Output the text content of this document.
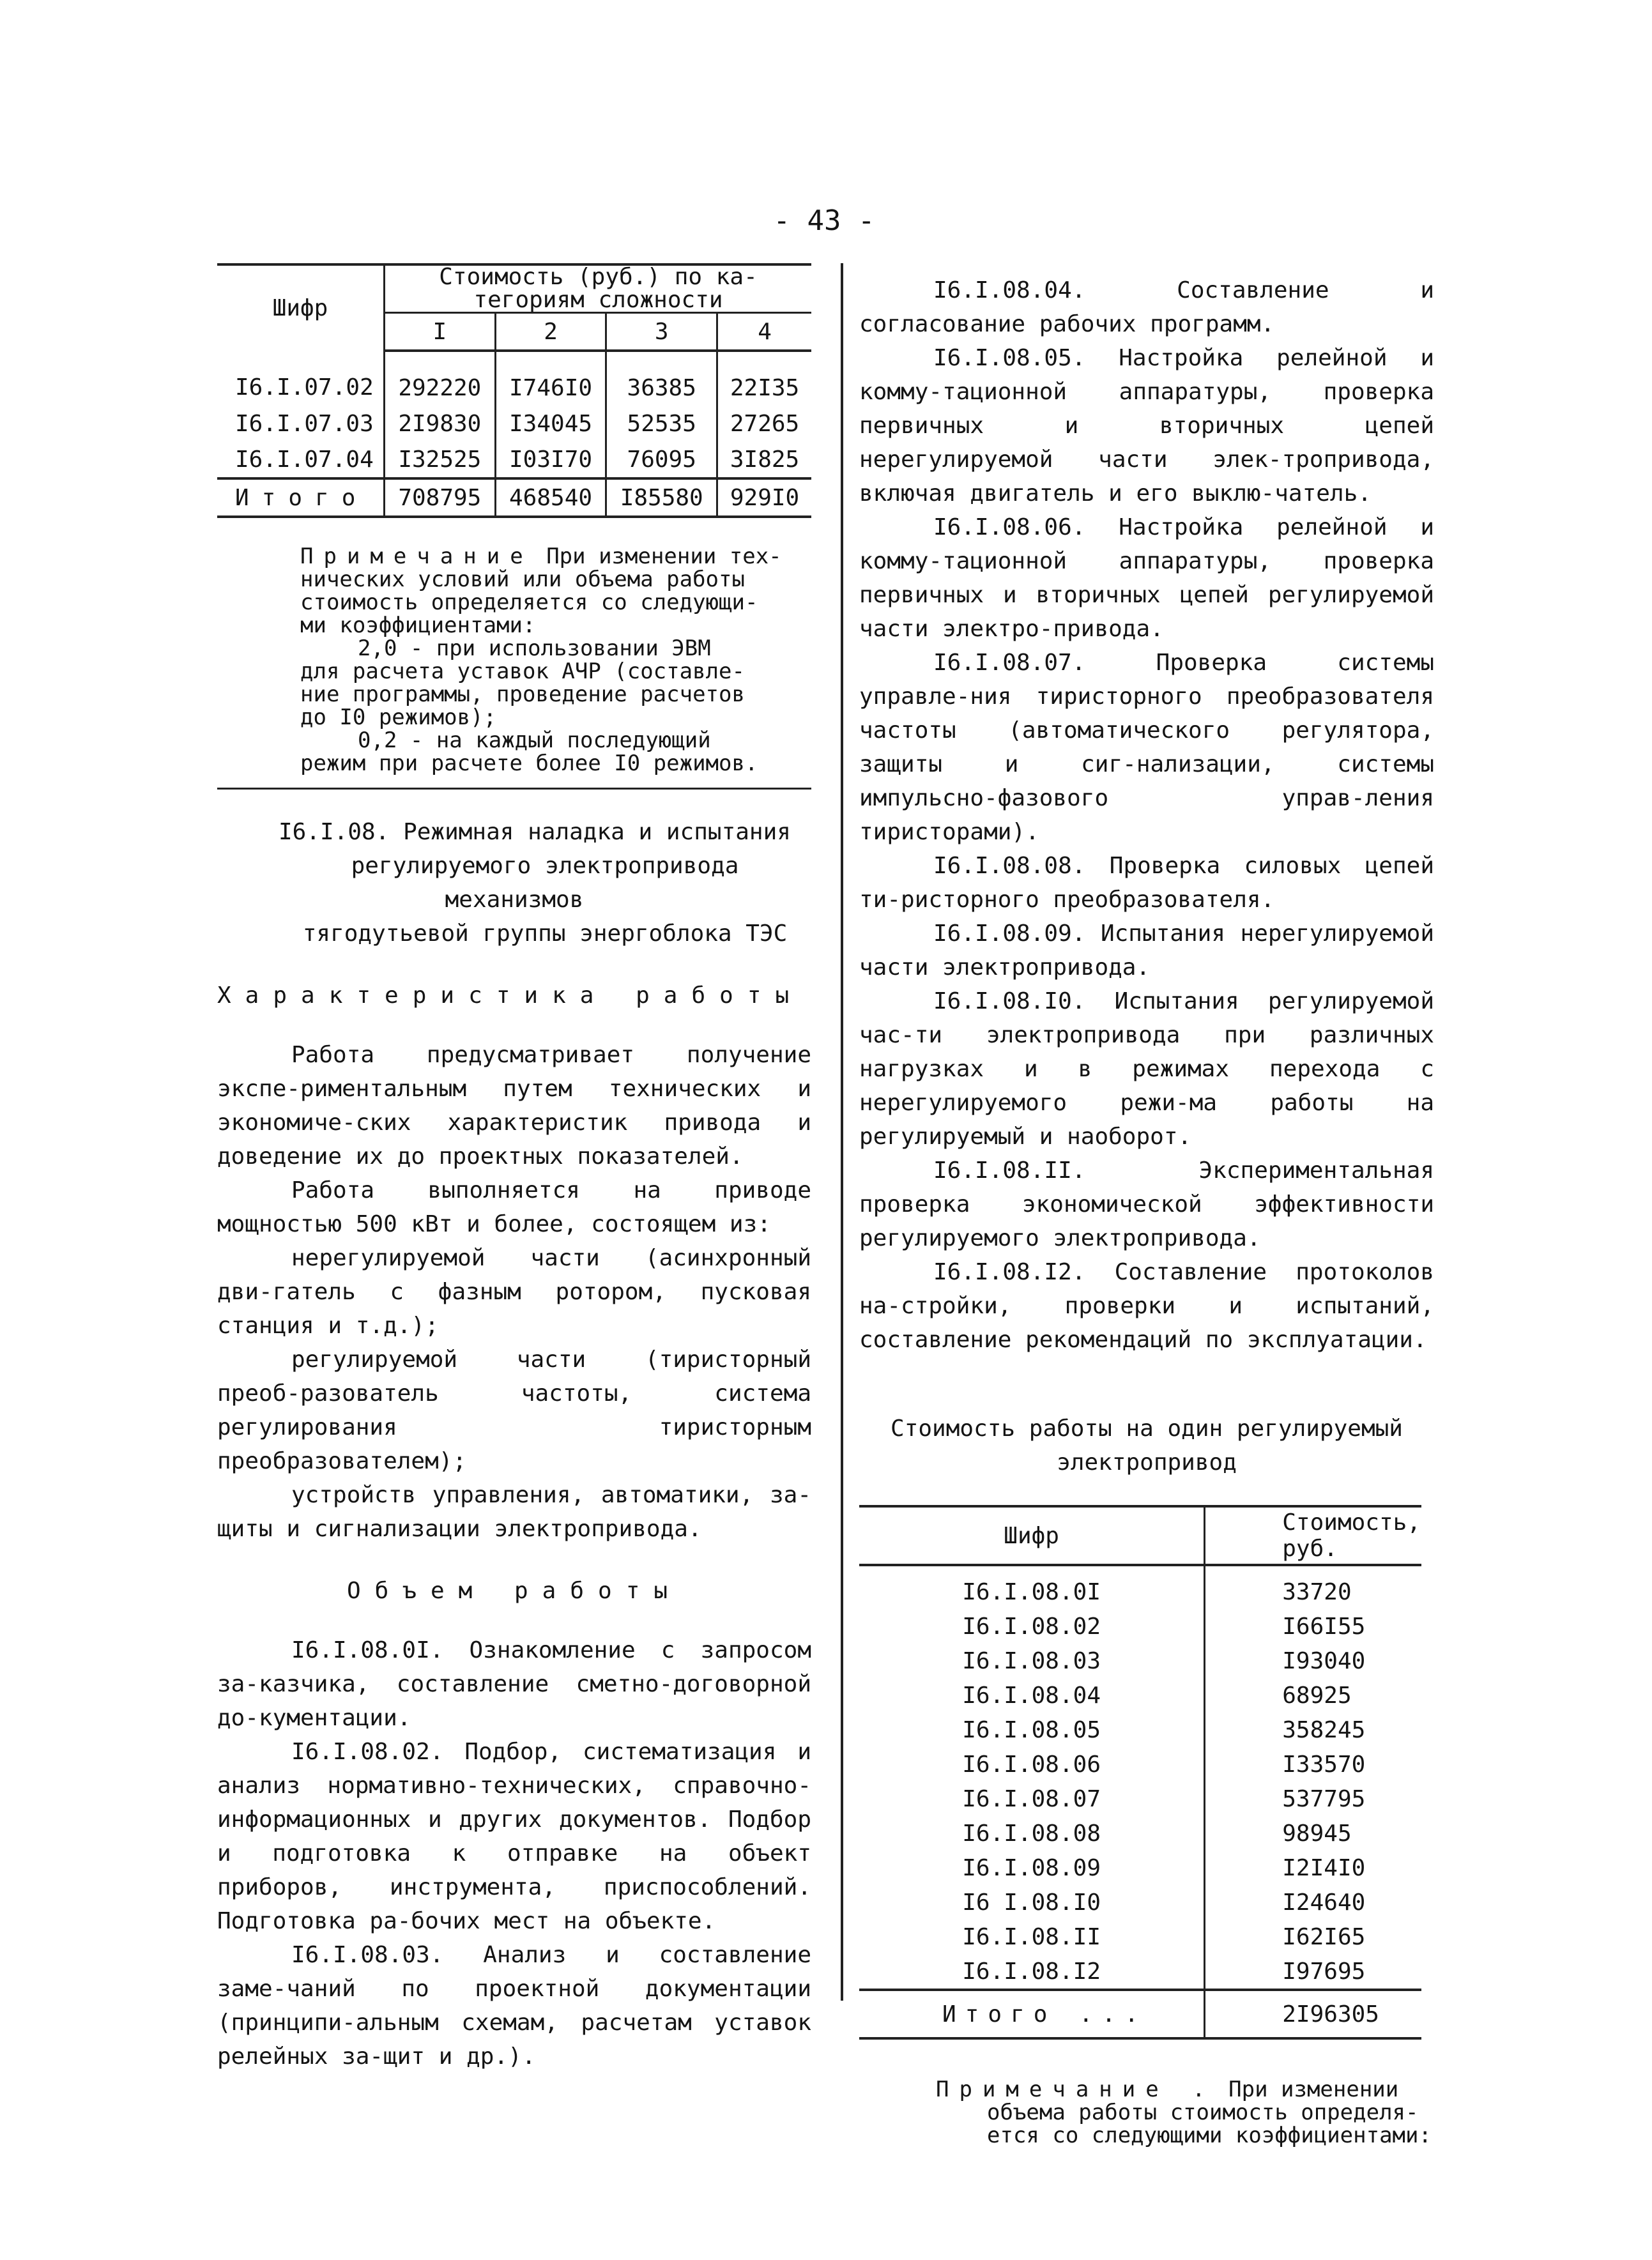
- 43 -
Шифр	Стоимость (руб.) по ка-
тегориям сложности			
	I	2	3	4
I6.I.07.02	292220	I746I0	36385	22I35
I6.I.07.03	2I9830	I34045	52535	27265
I6.I.07.04	I32525	I03I70	76095	3I825
Итого	708795	468540	I85580	929I0
Примечание При изменении тех-
нических условий или объема работы
стоимость определяется со следующи-
ми коэффициентами:
2,0 - при использовании ЭВМ
для расчета уставок АЧР (составле-
ние программы, проведение расчетов
до I0 режимов);
0,2 - на каждый последующий
режим при расчете более I0 режимов.

I6.I.08. Режимная наладка и испытания

регулируемого электропривода механизмов

тягодутьевой группы энергоблока ТЭС

Характеристика работы

Работа предусматривает получение экспе-риментальным путем технических и экономиче-ских характеристик привода и доведение их до проектных показателей.

Работа выполняется на приводе мощностью 500 кВт и более, состоящем из:

нерегулируемой части (асинхронный дви-гатель с фазным ротором, пусковая станция и т.д.);

регулируемой части (тиристорный преоб-разователь частоты, система регулирования тиристорным преобразователем);

устройств управления, автоматики, за-щиты и сигнализации электропривода.

Объем работы

I6.I.08.0I. Ознакомление с запросом за-казчика, составление сметно-договорной до-кументации.

I6.I.08.02. Подбор, систематизация и анализ нормативно-технических, справочно-информационных и других документов. Подбор и подготовка к отправке на объект приборов, инструмента, приспособлений. Подготовка ра-бочих мест на объекте.

I6.I.08.03. Анализ и составление заме-чаний по проектной документации (принципи-альным схемам, расчетам уставок релейных за-щит и др.).

I6.I.08.04. Составление и согласование рабочих программ.

I6.I.08.05. Настройка релейной и комму-тационной аппаратуры, проверка первичных и вторичных цепей нерегулируемой части элек-тропривода, включая двигатель и его выклю-чатель.

I6.I.08.06. Настройка релейной и комму-тационной аппаратуры, проверка первичных и вторичных цепей регулируемой части электро-привода.

I6.I.08.07. Проверка системы управле-ния тиристорного преобразователя частоты (автоматического регулятора, защиты и сиг-нализации, системы импульсно-фазового управ-ления тиристорами).

I6.I.08.08. Проверка силовых цепей ти-ристорного преобразователя.

I6.I.08.09. Испытания нерегулируемой части электропривода.

I6.I.08.I0. Испытания регулируемой час-ти электропривода при различных нагрузках и в режимах перехода с нерегулируемого режи-ма работы на регулируемый и наоборот.

I6.I.08.II. Экспериментальная проверка экономической эффективности регулируемого электропривода.

I6.I.08.I2. Составление протоколов на-стройки, проверки и испытаний, составление рекомендаций по эксплуатации.

Стоимость работы на один регулируемый
электропривод
Шифр	Стоимость, руб.
I6.I.08.0I	33720
I6.I.08.02	I66I55
I6.I.08.03	I93040
I6.I.08.04	68925
I6.I.08.05	358245
I6.I.08.06	I33570
I6.I.08.07	537795
I6.I.08.08	98945
I6.I.08.09	I2I4I0
I6 I.08.I0	I24640
I6.I.08.II	I62I65
I6.I.08.I2	I97695
Итого ...	2I96305
Примечание . При изменении
объема работы стоимость определя-
ется со следующими коэффициентами:
